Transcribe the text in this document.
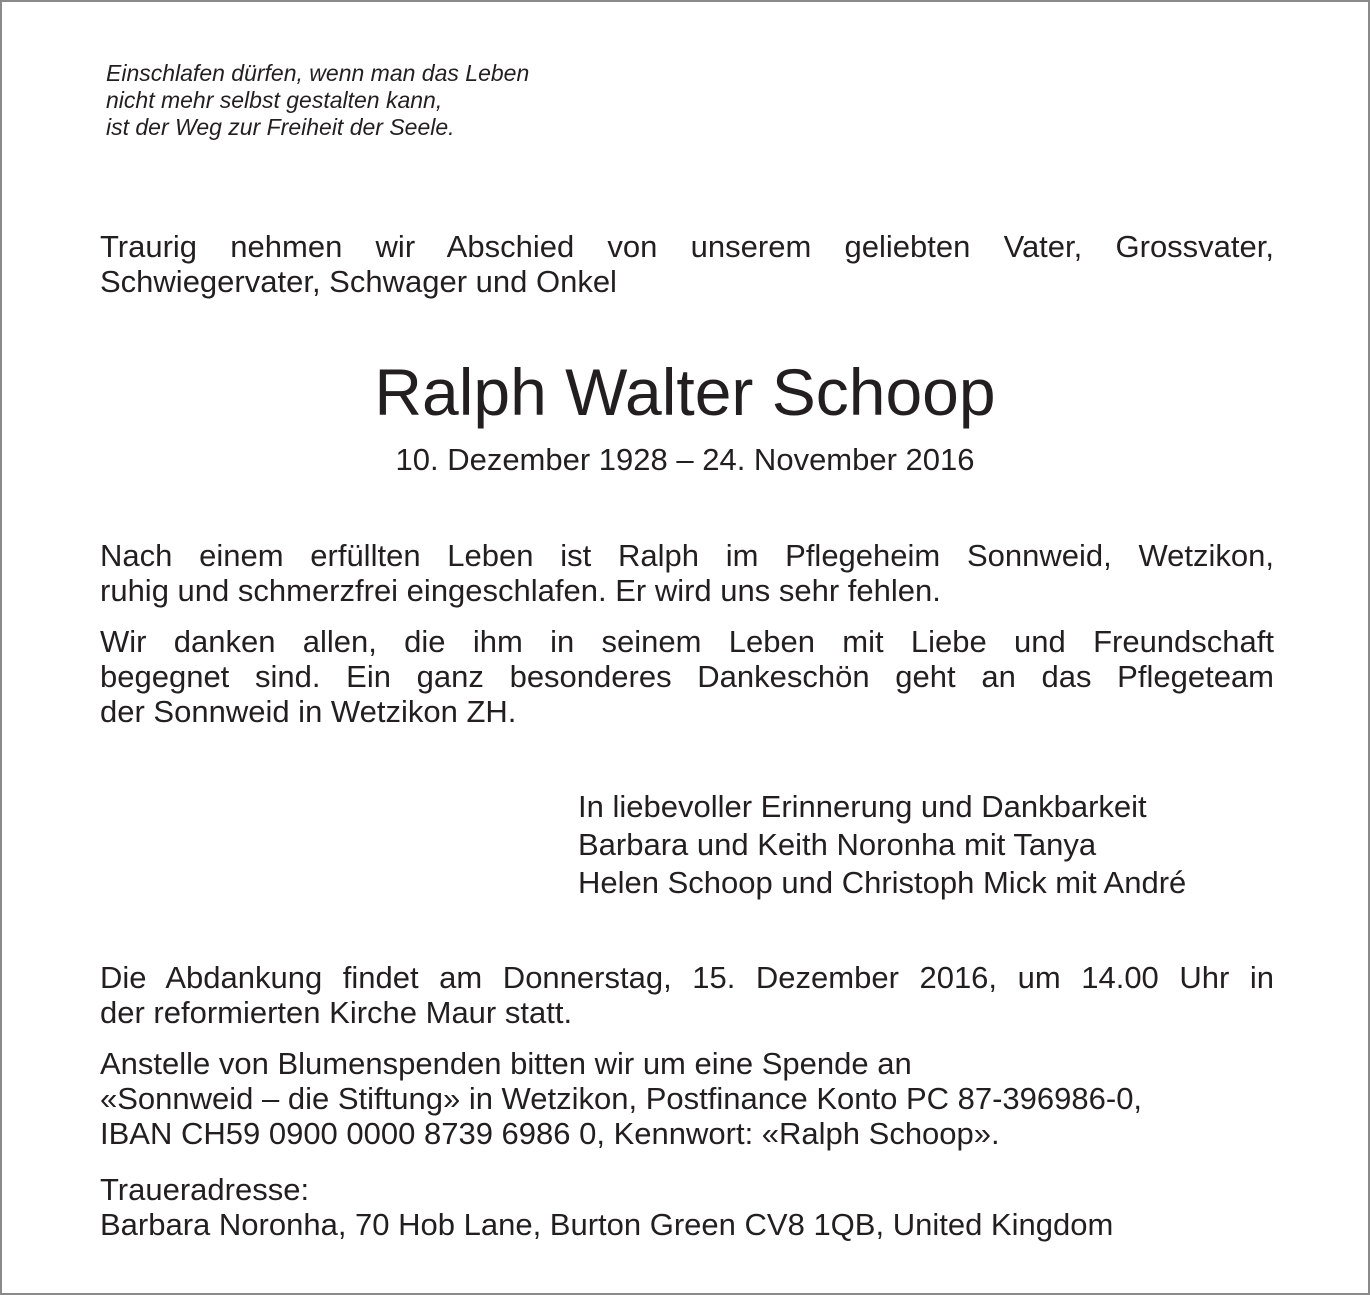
Einschlafen dürfen, wenn man das Leben
nicht mehr selbst gestalten kann,
ist der Weg zur Freiheit der Seele.
Traurig nehmen wir Abschied von unserem geliebten Vater, Grossvater,
Schwiegervater, Schwager und Onkel
Ralph Walter Schoop
10. Dezember 1928 – 24. November 2016
Nach einem erfüllten Leben ist Ralph im Pflegeheim Sonnweid, Wetzikon,
ruhig und schmerzfrei eingeschlafen. Er wird uns sehr fehlen.
Wir danken allen, die ihm in seinem Leben mit Liebe und Freundschaft
begegnet sind. Ein ganz besonderes Dankeschön geht an das Pflegeteam
der Sonnweid in Wetzikon ZH.
In liebevoller Erinnerung und Dankbarkeit
Barbara und Keith Noronha mit Tanya
Helen Schoop und Christoph Mick mit André
Die Abdankung findet am Donnerstag, 15. Dezember 2016, um 14.00 Uhr in
der reformierten Kirche Maur statt.
Anstelle von Blumenspenden bitten wir um eine Spende an
«Sonnweid – die Stiftung» in Wetzikon, Postfinance Konto PC 87-396986-0,
IBAN CH59 0900 0000 8739 6986 0, Kennwort: «Ralph Schoop».
Traueradresse:
Barbara Noronha, 70 Hob Lane, Burton Green CV8 1QB, United Kingdom
